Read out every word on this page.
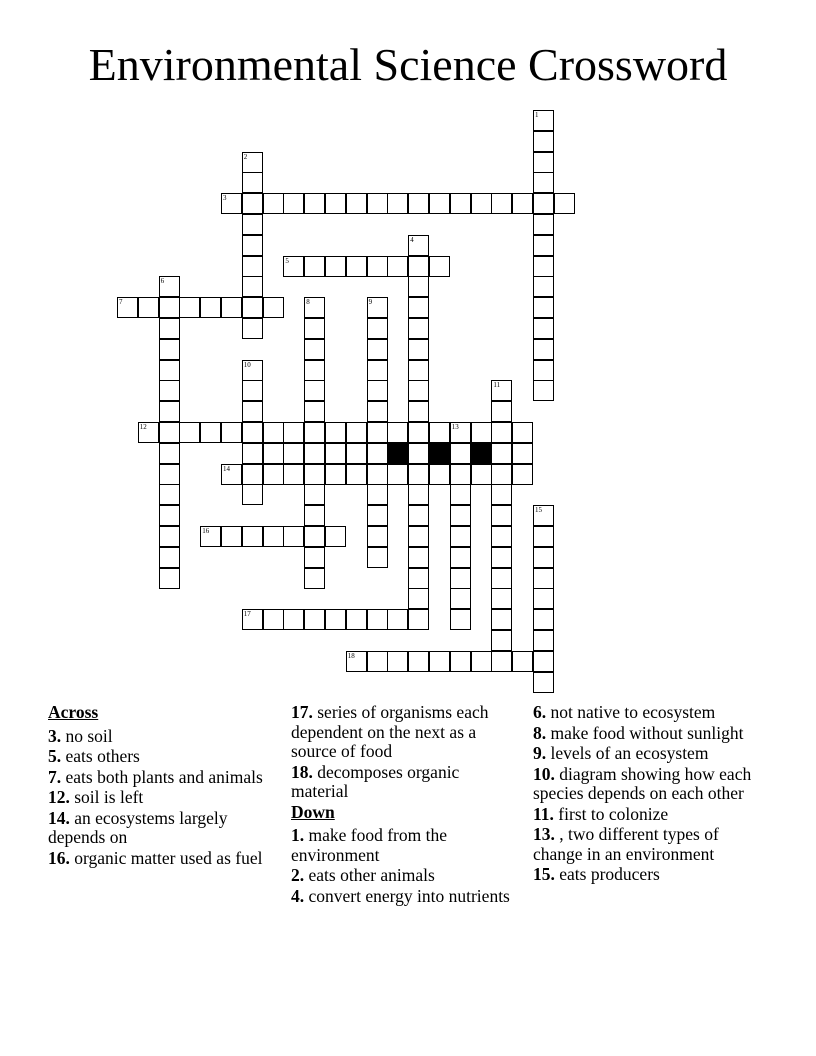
Environmental Science Crossword
1
2
3
4
5
6
7	8	9
10
11
12	13
14
15
16
17
18
Across
3. no soil
5. eats others
7. eats both plants and animals
12. soil is left
14. an ecosystems largely depends on
16. organic matter used as fuel
17. series of organisms each dependent on the next as a source of food
18. decomposes organic material
Down
1. make food from the environment
2. eats other animals
4. convert energy into nutrients
6. not native to ecosystem
8. make food without sunlight
9. levels of an ecosystem
10. diagram showing how each species depends on each other
11. first to colonize
13. , two different types of change in an environment
15. eats producers
